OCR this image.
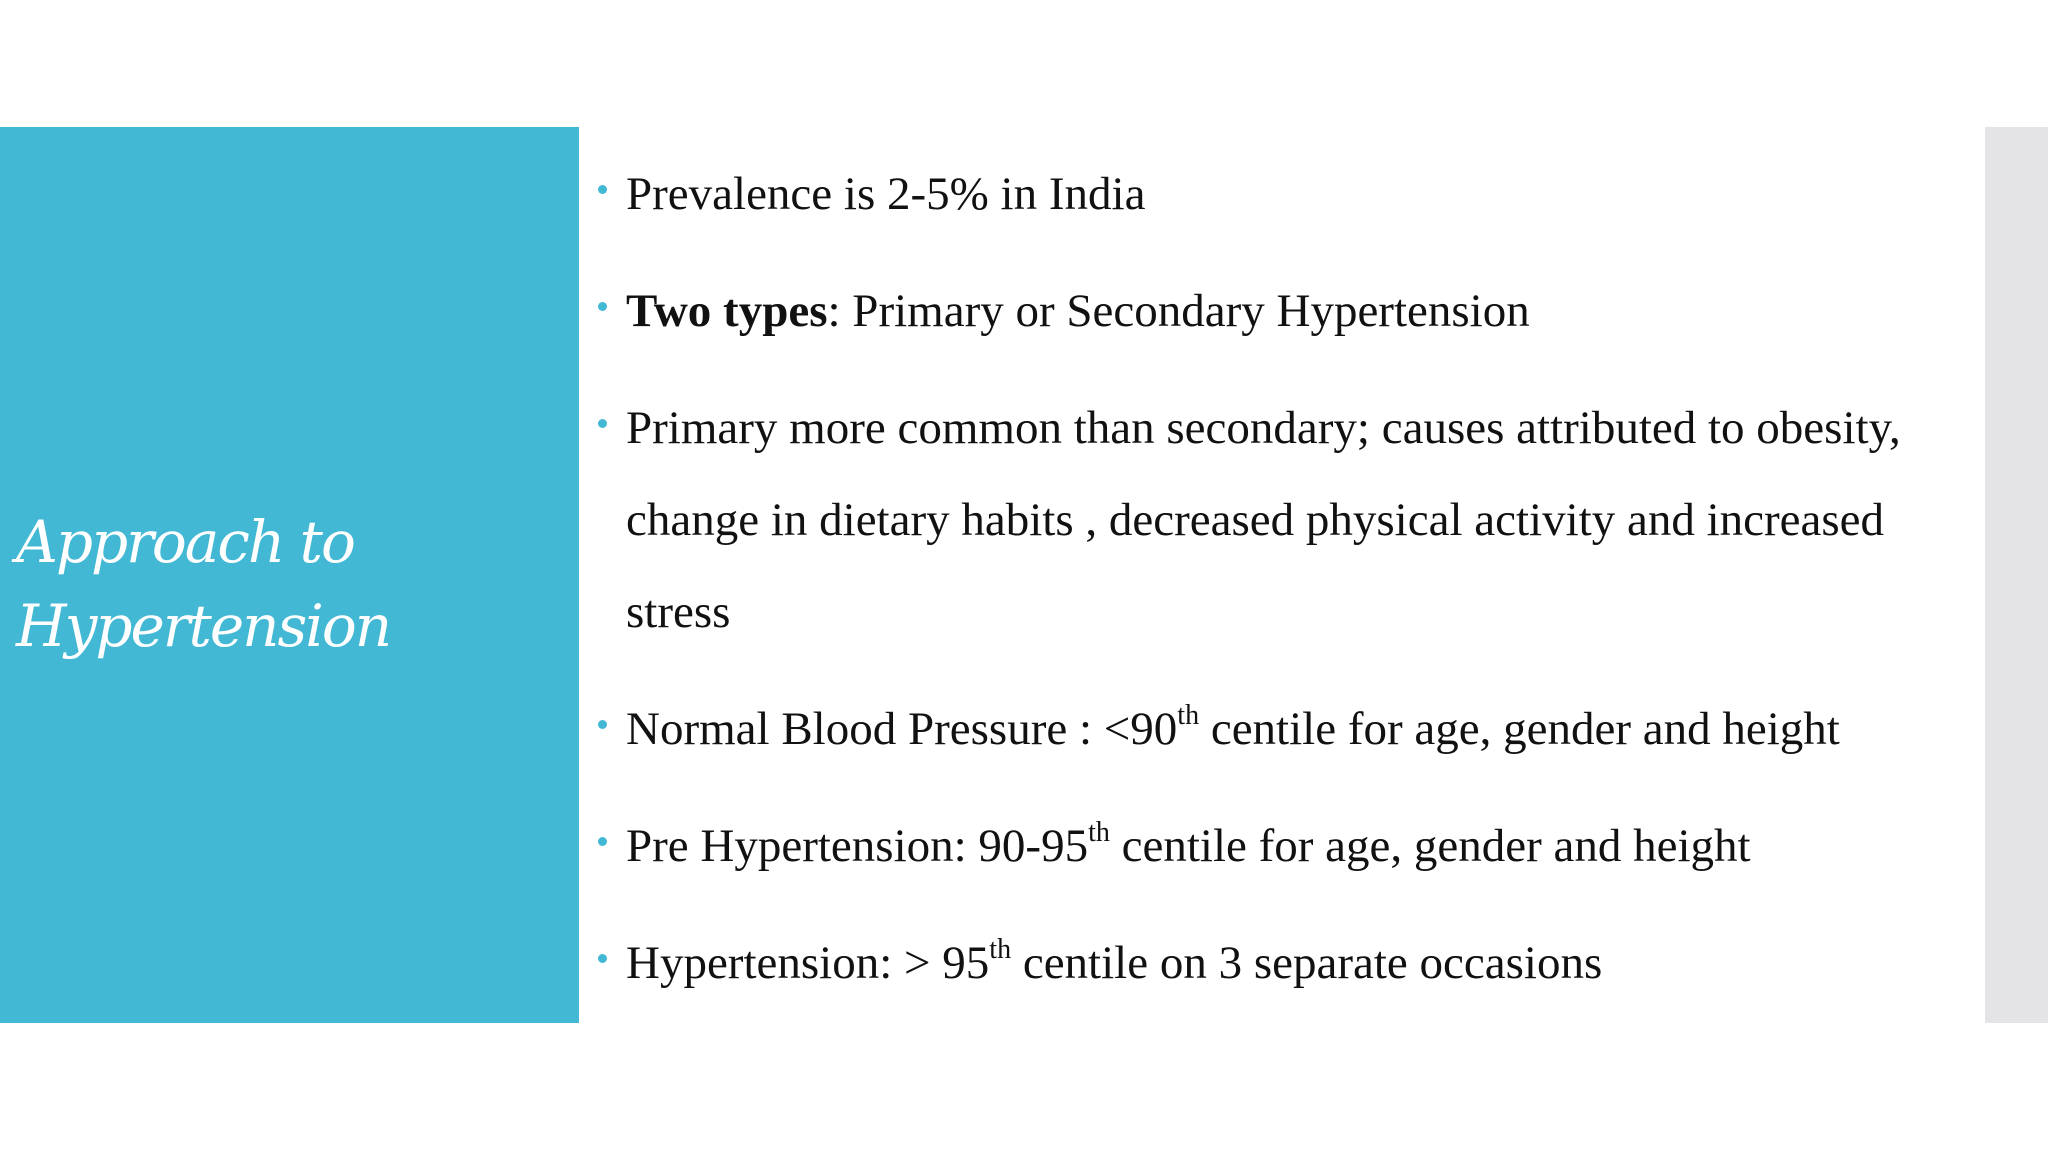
Approach to
Hypertension
Prevalence is 2-5% in India
Two types: Primary or Secondary Hypertension
Primary more common than secondary; causes attributed to obesity, change in dietary habits , decreased physical activity and increased stress
Normal Blood Pressure : <90th centile for age, gender and height
Pre Hypertension: 90-95th centile for age, gender and height
Hypertension: > 95th centile on 3 separate occasions
